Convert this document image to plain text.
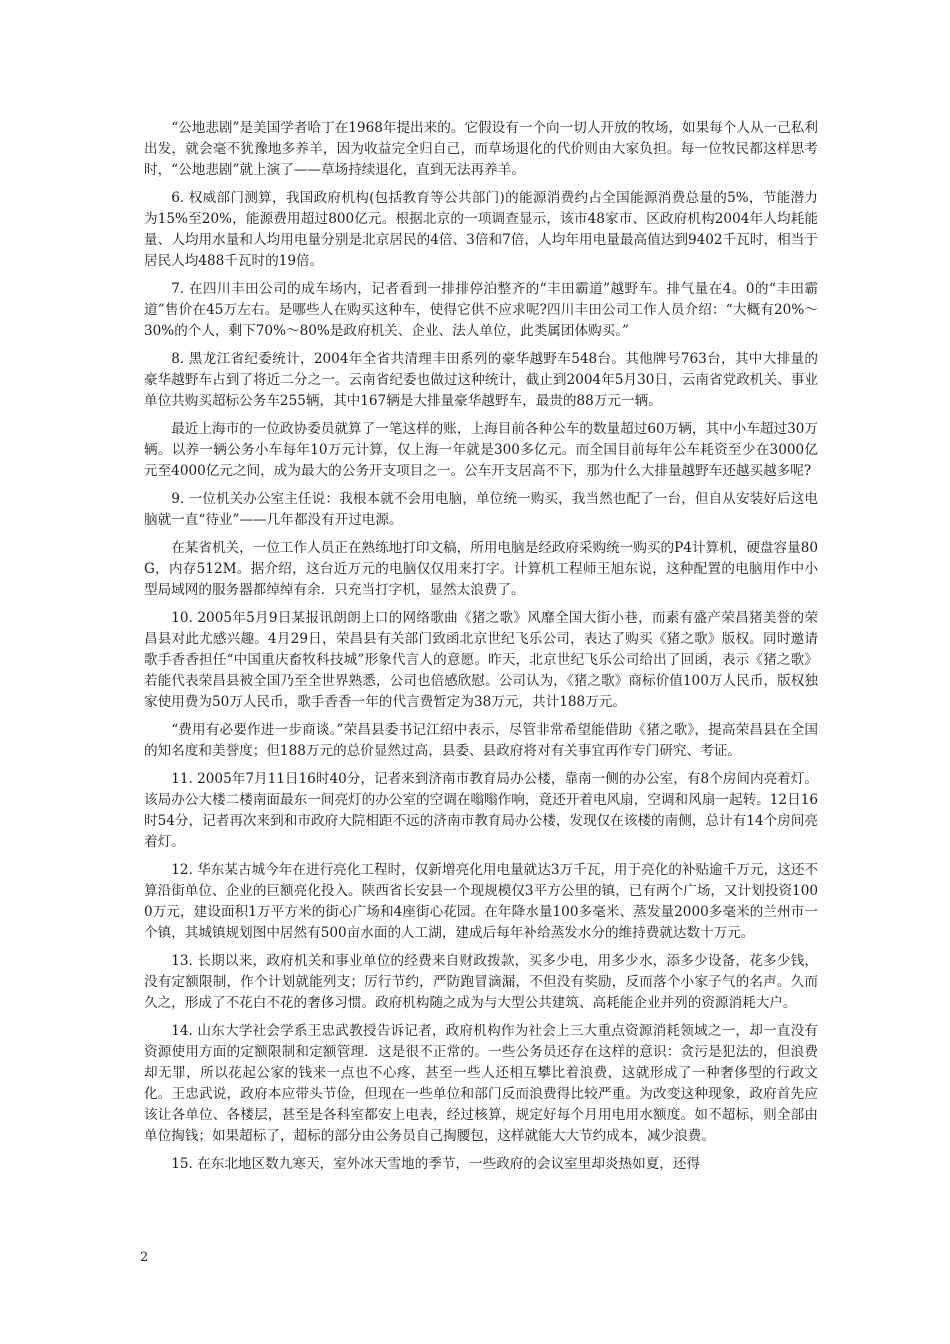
“公地悲剧”是美国学者哈丁在1968年提出来的。它假设有一个向一切人开放的牧场，如果每个人从一己私利出发，就会毫不犹豫地多养羊，因为收益完全归自己，而草场退化的代价则由大家负担。每一位牧民都这样思考时，“公地悲剧”就上演了——草场持续退化，直到无法再养羊。

6. 权威部门测算，我国政府机构(包括教育等公共部门)的能源消费约占全国能源消费总量的5%，节能潜力为15%至20%，能源费用超过800亿元。根据北京的一项调查显示，该市48家市、区政府机构2004年人均耗能量、人均用水量和人均用电量分别是北京居民的4倍、3倍和7倍，人均年用电量最高值达到9402千瓦时，相当于居民人均488千瓦时的19倍。

7. 在四川丰田公司的成车场内，记者看到一排排停泊整齐的“丰田霸道”越野车。排气量在4。0的“丰田霸道”售价在45万左右。是哪些人在购买这种车，使得它供不应求呢?四川丰田公司工作人员介绍：“大概有20%～30%的个人，剩下70%～80%是政府机关、企业、法人单位，此类属团体购买。”

8. 黑龙江省纪委统计，2004年全省共清理丰田系列的豪华越野车548台。其他牌号763台，其中大排量的豪华越野车占到了将近二分之一。云南省纪委也做过这种统计，截止到2004年5月30日，云南省党政机关、事业单位共购买超标公务车255辆，其中167辆是大排量豪华越野车，最贵的88万元一辆。

最近上海市的一位政协委员就算了一笔这样的账，上海目前各种公车的数量超过60万辆，其中小车超过30万辆。以养一辆公务小车每年10万元计算，仅上海一年就是300多亿元。而全国目前每年公车耗资至少在3000亿元至4000亿元之间，成为最大的公务开支项目之一。公车开支居高不下，那为什么大排量越野车还越买越多呢?

9. 一位机关办公室主任说：我根本就不会用电脑，单位统一购买，我当然也配了一台，但自从安装好后这电脑就一直“待业”——几年都没有开过电源。

在某省机关，一位工作人员正在熟练地打印文稿，所用电脑是经政府采购统一购买的P4计算机，硬盘容量80G，内存512M。据介绍，这台近万元的电脑仅仅用来打字。计算机工程师王旭东说，这种配置的电脑用作中小型局域网的服务器都绰绰有余．只充当打字机，显然太浪费了。

10. 2005年5月9日某报讯朗朗上口的网络歌曲《猪之歌》风靡全国大街小巷，而素有盛产荣昌猪美誉的荣昌县对此尤感兴趣。4月29日，荣昌县有关部门致函北京世纪飞乐公司，表达了购买《猪之歌》版权。同时邀请歌手香香担任“中国重庆畜牧科技城”形象代言人的意愿。昨天，北京世纪飞乐公司给出了回函，表示《猪之歌》若能代表荣昌县被全国乃至全世界熟悉，公司也倍感欣慰。公司认为，《猪之歌》商标价值100万人民币，版权独家使用费为50万人民币，歌手香香一年的代言费暂定为38万元，共计188万元。

“费用有必要作进一步商谈。”荣昌县委书记江绍中表示，尽管非常希望能借助《猪之歌》，提高荣昌县在全国的知名度和美誉度；但188万元的总价显然过高，县委、县政府将对有关事宜再作专门研究、考证。

11. 2005年7月11日16时40分，记者来到济南市教育局办公楼，靠南一侧的办公室，有8个房间内亮着灯。该局办公大楼二楼南面最东一间亮灯的办公室的空调在嗡嗡作响，竟还开着电风扇，空调和风扇一起转。12日16时54分，记者再次来到和市政府大院相距不远的济南市教育局办公楼，发现仅在该楼的南侧，总计有14个房间亮着灯。

12. 华东某古城今年在进行亮化工程时，仅新增亮化用电量就达3万千瓦，用于亮化的补贴逾千万元，这还不算沿街单位、企业的巨额亮化投入。陕西省长安县一个现规模仅3平方公里的镇，已有两个广场，又计划投资1000万元，建设面积1万平方米的街心广场和4座街心花园。在年降水量100多毫米、蒸发量2000多毫米的兰州市一个镇，其城镇规划图中居然有500亩水面的人工湖，建成后每年补给蒸发水分的维持费就达数十万元。

13. 长期以来，政府机关和事业单位的经费来自财政拨款，买多少电，用多少水，添多少设备，花多少钱，没有定额限制，作个计划就能列支；厉行节约，严防跑冒滴漏，不但没有奖励，反而落个小家子气的名声。久而久之，形成了不花白不花的奢侈习惯。政府机构随之成为与大型公共建筑、高耗能企业并列的资源消耗大户。

14. 山东大学社会学系王忠武教授告诉记者，政府机构作为社会上三大重点资源消耗领域之一，却一直没有资源使用方面的定额限制和定额管理．这是很不正常的。一些公务员还存在这样的意识：贪污是犯法的，但浪费却无罪，所以花起公家的钱来一点也不心疼，甚至一些人还相互攀比着浪费，这就形成了一种奢侈型的行政文化。王忠武说，政府本应带头节俭，但现在一些单位和部门反而浪费得比较严重。为改变这种现象，政府首先应该让各单位、各楼层，甚至是各科室都安上电表，经过核算，规定好每个月用电用水额度。如不超标，则全部由单位掏钱；如果超标了，超标的部分由公务员自己掏腰包，这样就能大大节约成本，减少浪费。

15. 在东北地区数九寒天，室外冰天雪地的季节，一些政府的会议室里却炎热如夏，还得

2
